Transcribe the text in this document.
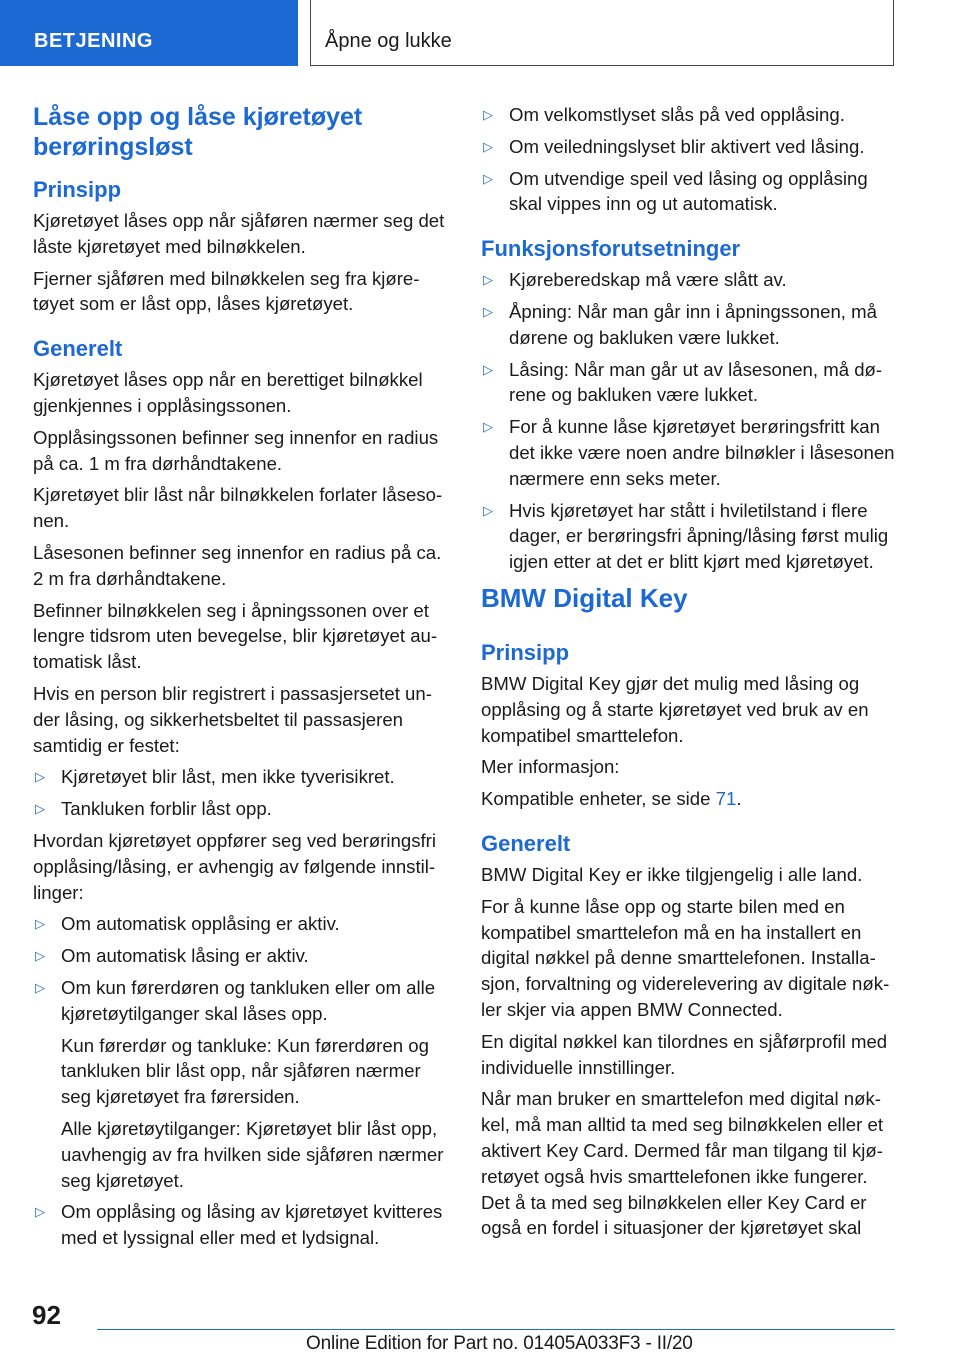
BETJENING	Åpne og lukke
Låse opp og låse kjøretøyet berøringsløst
Prinsipp

Kjøretøyet låses opp når sjåføren nærmer seg det låste kjøretøyet med bilnøkkelen.

Fjerner sjåføren med bilnøkkelen seg fra kjøretøyet som er låst opp, låses kjøretøyet.

Generelt

Kjøretøyet låses opp når en berettiget bilnøkkel gjenkjennes i opplåsingssonen.

Opplåsingssonen befinner seg innenfor en radius på ca. 1 m fra dørhåndtakene.

Kjøretøyet blir låst når bilnøkkelen forlater låsesonen.

Låsesonen befinner seg innenfor en radius på ca. 2 m fra dørhåndtakene.

Befinner bilnøkkelen seg i åpningssonen over et lengre tidsrom uten bevegelse, blir kjøretøyet automatisk låst.

Hvis en person blir registrert i passasjersetet under låsing, og sikkerhetsbeltet til passasjeren samtidig er festet:

▷ Kjøretøyet blir låst, men ikke tyverisikret.
▷ Tankluken forblir låst opp.

Hvordan kjøretøyet oppfører seg ved berøringsfri opplåsing/låsing, er avhengig av følgende innstillinger:

▷ Om automatisk opplåsing er aktiv.
▷ Om automatisk låsing er aktiv.
▷ Om kun førerdøren og tankluken eller om alle kjøretøytilganger skal låses opp.

Kun førerdør og tankluke: Kun førerdøren og tankluken blir låst opp, når sjåføren nærmer seg kjøretøyet fra førersiden.

Alle kjøretøytilganger: Kjøretøyet blir låst opp, uavhengig av fra hvilken side sjåføren nærmer seg kjøretøyet.

▷ Om opplåsing og låsing av kjøretøyet kvitteres med et lyssignal eller med et lydsignal.
▷ Om velkomstlyset slås på ved opplåsing.
▷ Om veiledningslyset blir aktivert ved låsing.
▷ Om utvendige speil ved låsing og opplåsing skal vippes inn og ut automatisk.
Funksjonsforutsetninger
▷ Kjøreberedskap må være slått av.
▷ Åpning: Når man går inn i åpningssonen, må dørene og bakluken være lukket.
▷ Låsing: Når man går ut av låsesonen, må dørene og bakluken være lukket.
▷ For å kunne låse kjøretøyet berøringsfritt kan det ikke være noen andre bilnøkler i låsesonen nærmere enn seks meter.
▷ Hvis kjøretøyet har stått i hviletilstand i flere dager, er berøringsfri åpning/låsing først mulig igjen etter at det er blitt kjørt med kjøretøyet.
BMW Digital Key
Prinsipp

BMW Digital Key gjør det mulig med låsing og opplåsing og å starte kjøretøyet ved bruk av en kompatibel smarttelefon.

Mer informasjon:

Kompatible enheter, se side 71.

Generelt

BMW Digital Key er ikke tilgjengelig i alle land.

For å kunne låse opp og starte bilen med en kompatibel smarttelefon må en ha installert en digital nøkkel på denne smarttelefonen. Installasjon, forvaltning og viderelevering av digitale nøkler skjer via appen BMW Connected.

En digital nøkkel kan tilordnes en sjåførprofil med individuelle innstillinger.

Når man bruker en smarttelefon med digital nøkkel, må man alltid ta med seg bilnøkkelen eller et aktivert Key Card. Dermed får man tilgang til kjøretøyet også hvis smarttelefonen ikke fungerer. Det å ta med seg bilnøkkelen eller Key Card er også en fordel i situasjoner der kjøretøyet skal

92
Online Edition for Part no. 01405A033F3 - II/20
